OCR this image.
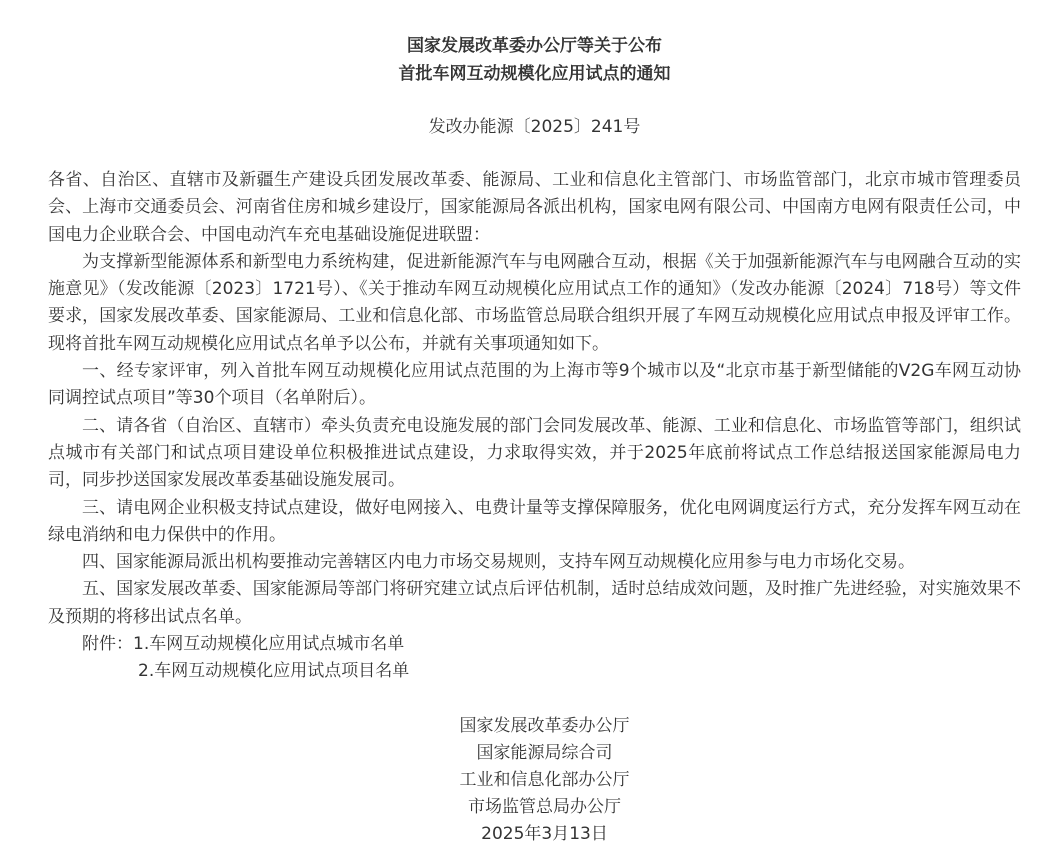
国家发展改革委办公厅等关于公布
首批车网互动规模化应用试点的通知
发改办能源〔2025〕241号

各省、自治区、直辖市及新疆生产建设兵团发展改革委、能源局、工业和信息化主管部门、市场监管部门，北京市城市管理委员会、上海市交通委员会、河南省住房和城乡建设厅，国家能源局各派出机构，国家电网有限公司、中国南方电网有限责任公司，中国电力企业联合会、中国电动汽车充电基础设施促进联盟：

为支撑新型能源体系和新型电力系统构建，促进新能源汽车与电网融合互动，根据《关于加强新能源汽车与电网融合互动的实施意见》（发改能源〔2023〕1721号）、《关于推动车网互动规模化应用试点工作的通知》（发改办能源〔2024〕718号）等文件要求，国家发展改革委、国家能源局、工业和信息化部、市场监管总局联合组织开展了车网互动规模化应用试点申报及评审工作。现将首批车网互动规模化应用试点名单予以公布，并就有关事项通知如下。

一、经专家评审，列入首批车网互动规模化应用试点范围的为上海市等9个城市以及“北京市基于新型储能的V2G车网互动协同调控试点项目”等30个项目（名单附后）。

二、请各省（自治区、直辖市）牵头负责充电设施发展的部门会同发展改革、能源、工业和信息化、市场监管等部门，组织试点城市有关部门和试点项目建设单位积极推进试点建设，力求取得实效，并于2025年底前将试点工作总结报送国家能源局电力司，同步抄送国家发展改革委基础设施发展司。

三、请电网企业积极支持试点建设，做好电网接入、电费计量等支撑保障服务，优化电网调度运行方式，充分发挥车网互动在绿电消纳和电力保供中的作用。

四、国家能源局派出机构要推动完善辖区内电力市场交易规则，支持车网互动规模化应用参与电力市场化交易。

五、国家发展改革委、国家能源局等部门将研究建立试点后评估机制，适时总结成效问题，及时推广先进经验，对实施效果不及预期的将移出试点名单。

附件：1.车网互动规模化应用试点城市名单
2.车网互动规模化应用试点项目名单
国家发展改革委办公厅
国家能源局综合司
工业和信息化部办公厅
市场监管总局办公厅
2025年3月13日
